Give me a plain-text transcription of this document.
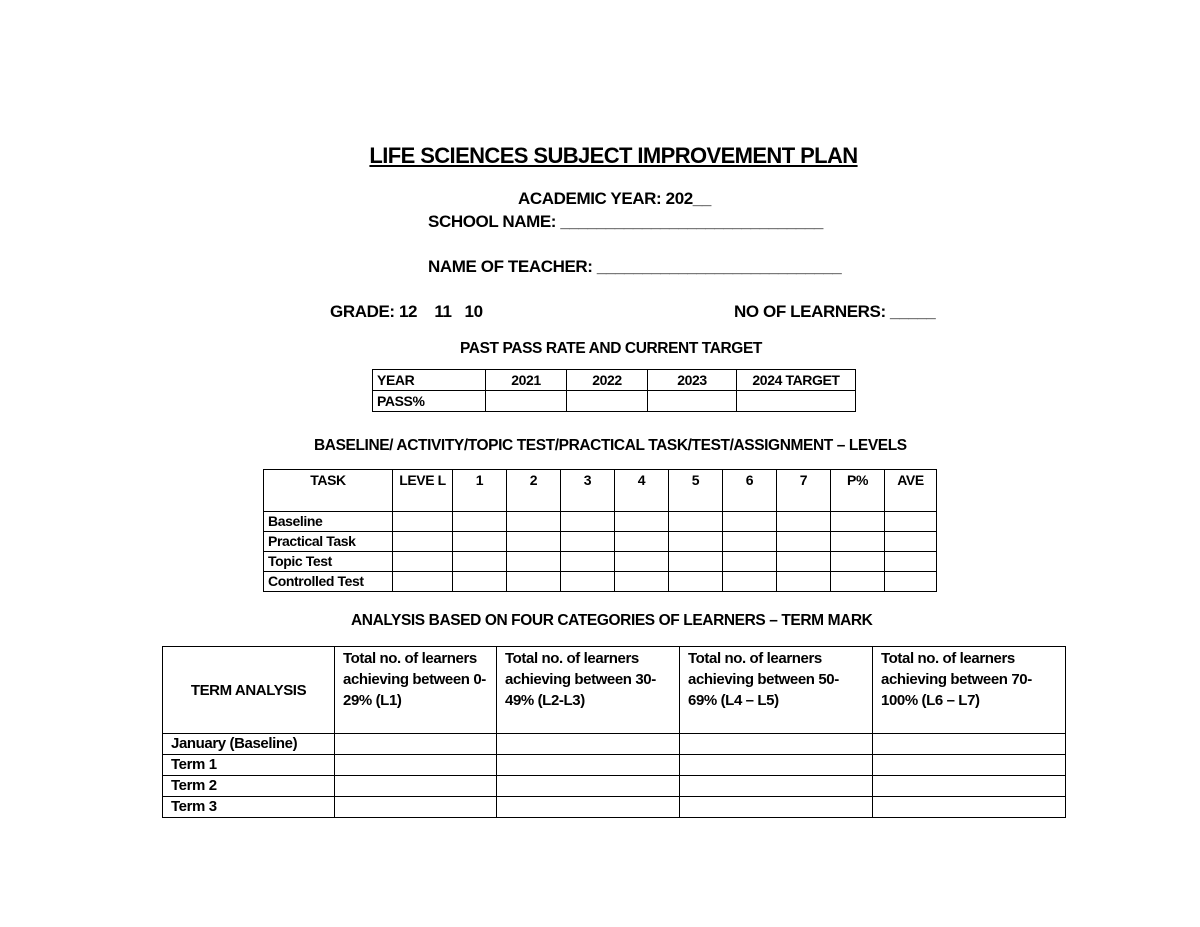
LIFE SCIENCES SUBJECT IMPROVEMENT PLAN
ACADEMIC YEAR: 202__
SCHOOL NAME: _____________________________
NAME OF TEACHER: ___________________________
GRADE: 12    11   10	NO OF LEARNERS: _____
PAST PASS RATE AND CURRENT TARGET
YEAR	2021	2022	2023	2024 TARGET
PASS%				
BASELINE/ ACTIVITY/TOPIC TEST/PRACTICAL TASK/TEST/ASSIGNMENT – LEVELS
TASK	LEVE L	1	2	3	4	5	6	7	P%	AVE
Baseline										
Practical Task										
Topic Test										
Controlled Test										
ANALYSIS BASED ON FOUR CATEGORIES OF LEARNERS – TERM MARK
TERM ANALYSIS	Total no. of learners achieving between 0-29% (L1)	Total no. of learners achieving between 30-49% (L2-L3)	Total no. of learners achieving between 50-69% (L4 – L5)	Total no. of learners achieving between 70-100% (L6 – L7)
January (Baseline)				
Term 1				
Term 2				
Term 3				
